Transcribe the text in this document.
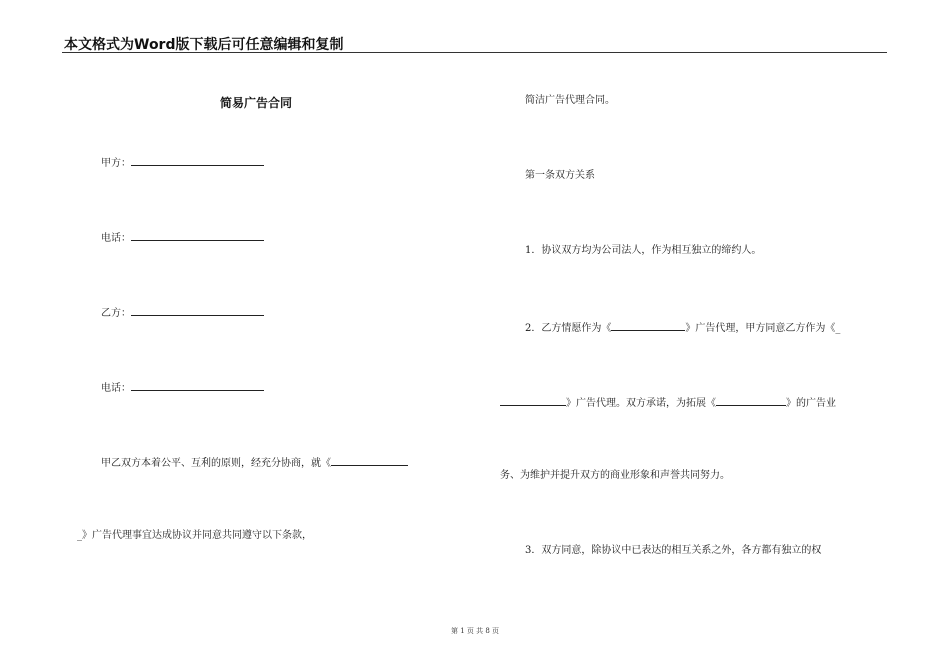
本文格式为Word版下载后可任意编辑和复制
简易广告合同
甲方：
电话：
乙方：
电话：
甲乙双方本着公平、互利的原则，经充分协商，就《
_》广告代理事宜达成协议并同意共同遵守以下条款，
简洁广告代理合同。
第一条双方关系
1．协议双方均为公司法人，作为相互独立的缔约人。
2．乙方情愿作为《	》广告代理，甲方同意乙方作为《_
》广告代理。双方承诺，为拓展《	》的广告业
务、为维护并提升双方的商业形象和声誉共同努力。
3．双方同意，除协议中已表达的相互关系之外，各方都有独立的权
第 1 页 共 8 页
